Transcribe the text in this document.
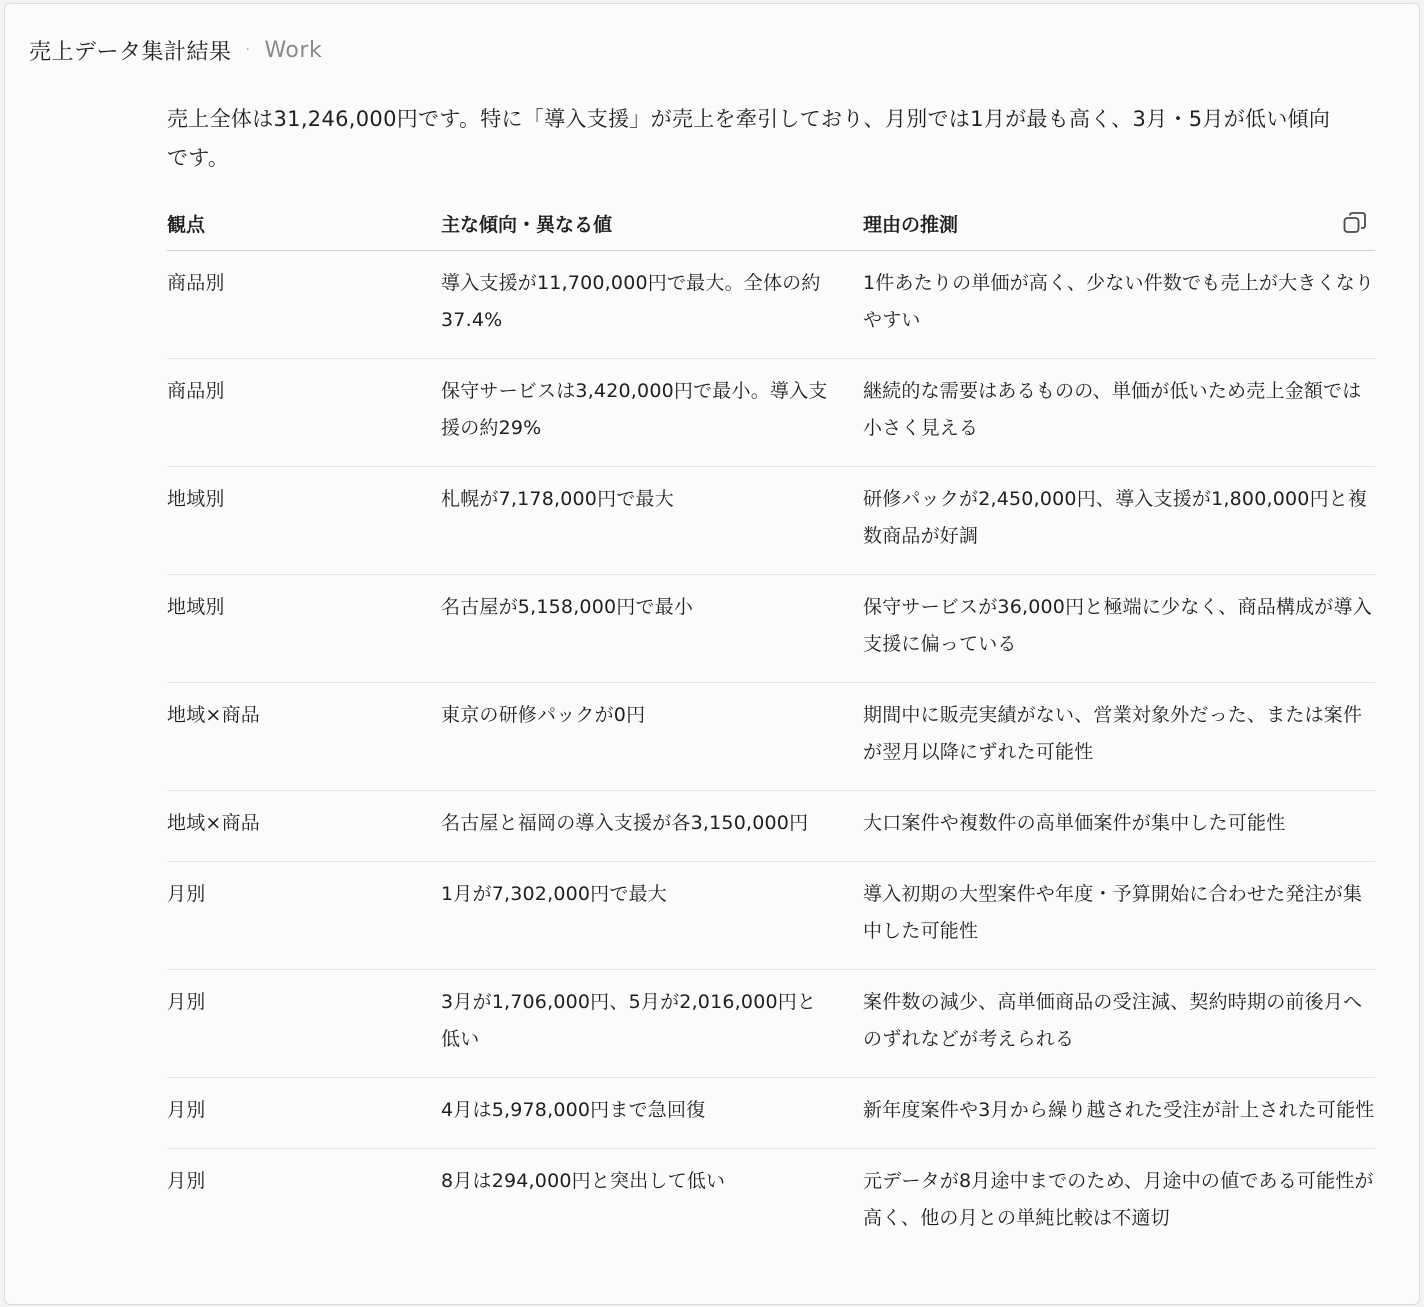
売上データ集計結果 · Work

売上全体は31,246,000円です。特に「導入支援」が売上を牽引しており、月別では1月が最も高く、3月・5月が低い傾向です。

観点	主な傾向・異なる値	理由の推測

商品別	導入支援が11,700,000円で最大。全体の約37.4%	1件あたりの単価が高く、少ない件数でも売上が大きくなりやすい
商品別	保守サービスは3,420,000円で最小。導入支援の約29%	継続的な需要はあるものの、単価が低いため売上金額では小さく見える
地域別	札幌が7,178,000円で最大	研修パックが2,450,000円、導入支援が1,800,000円と複数商品が好調
地域別	名古屋が5,158,000円で最小	保守サービスが36,000円と極端に少なく、商品構成が導入支援に偏っている
地域×商品	東京の研修パックが0円	期間中に販売実績がない、営業対象外だった、または案件が翌月以降にずれた可能性
地域×商品	名古屋と福岡の導入支援が各3,150,000円	大口案件や複数件の高単価案件が集中した可能性
月別	1月が7,302,000円で最大	導入初期の大型案件や年度・予算開始に合わせた発注が集中した可能性
月別	3月が1,706,000円、5月が2,016,000円と低い	案件数の減少、高単価商品の受注減、契約時期の前後月へのずれなどが考えられる
月別	4月は5,978,000円まで急回復	新年度案件や3月から繰り越された受注が計上された可能性
月別	8月は294,000円と突出して低い	元データが8月途中までのため、月途中の値である可能性が高く、他の月との単純比較は不適切
